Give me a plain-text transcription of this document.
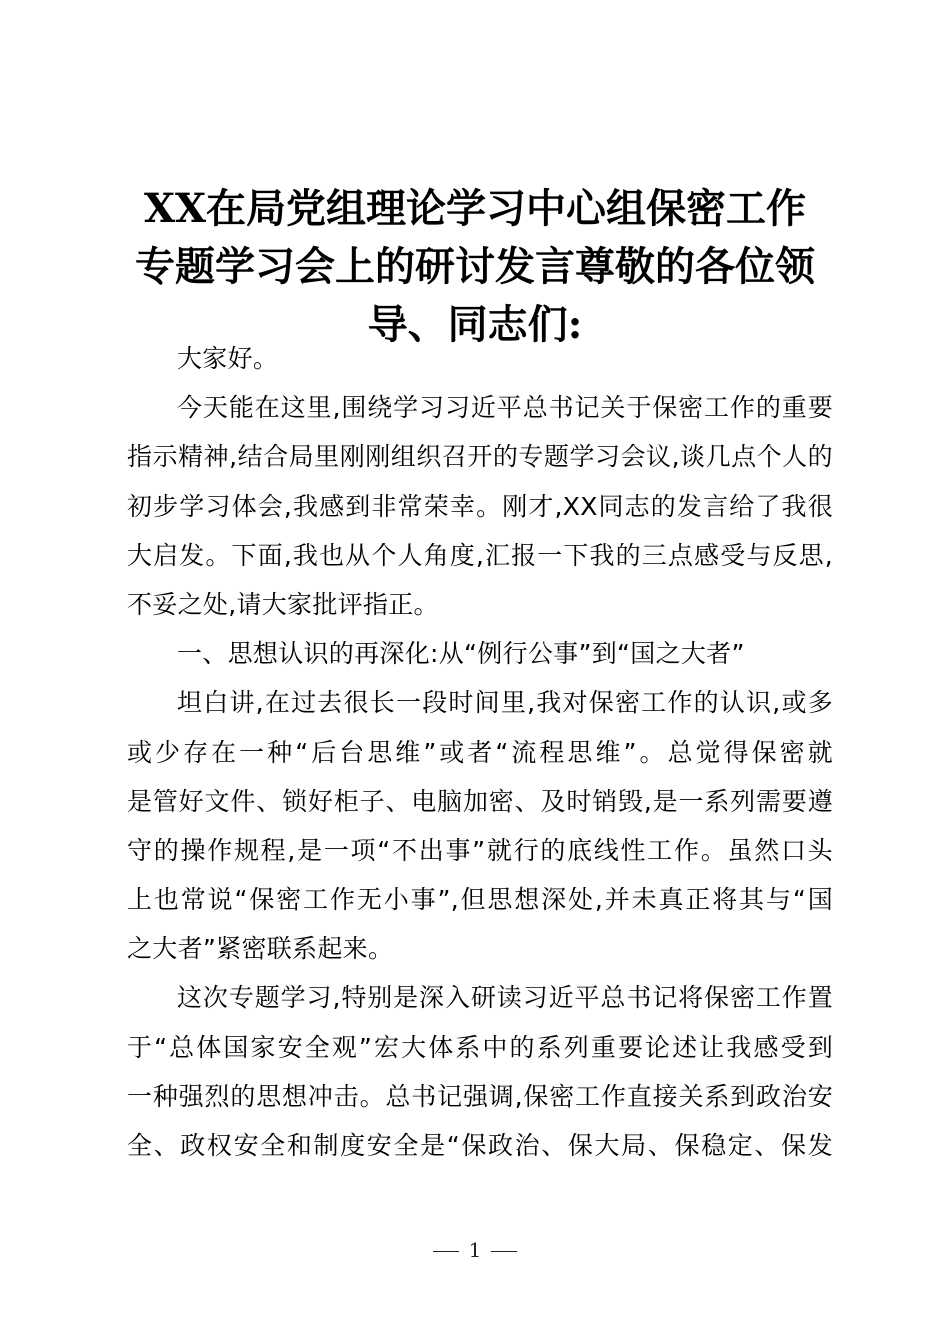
XX在局党组理论学习中心组保密工作
专题学习会上的研讨发言尊敬的各位领
导、同志们:
大家好。
今天能在这里,围绕学习习近平总书记关于保密工作的重要
指示精神,结合局里刚刚组织召开的专题学习会议,谈几点个人的
初步学习体会,我感到非常荣幸。刚才,XX同志的发言给了我很
大启发。下面,我也从个人角度,汇报一下我的三点感受与反思,
不妥之处,请大家批评指正。
一、思想认识的再深化:从“例行公事”到“国之大者”
坦白讲,在过去很长一段时间里,我对保密工作的认识,或多
或少存在一种“后台思维”或者“流程思维”。总觉得保密就
是管好文件、锁好柜子、电脑加密、及时销毁,是一系列需要遵
守的操作规程,是一项“不出事”就行的底线性工作。虽然口头
上也常说“保密工作无小事”,但思想深处,并未真正将其与“国
之大者”紧密联系起来。
这次专题学习,特别是深入研读习近平总书记将保密工作置
于“总体国家安全观”宏大体系中的系列重要论述让我感受到
一种强烈的思想冲击。总书记强调,保密工作直接关系到政治安
全、政权安全和制度安全是“保政治、保大局、保稳定、保发
1
